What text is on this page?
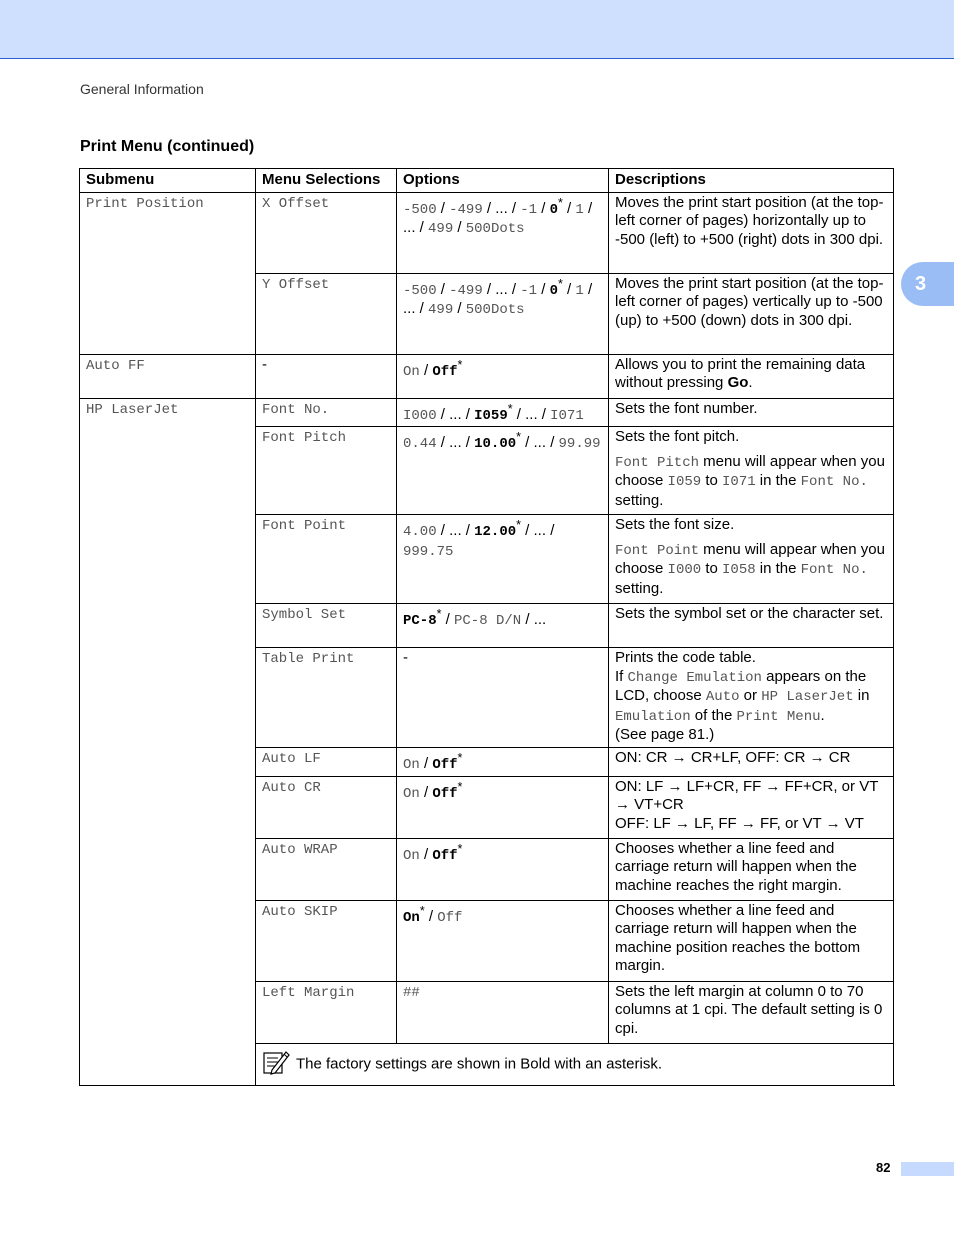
General Information
3
Print Menu (continued)
Submenu	Menu Selections	Options	Descriptions
Print Position	X Offset	-500 / -499 / ... / -1 / 0* / 1 / ... / 499 / 500Dots	Moves the print start position (at the top-left corner of pages) horizontally up to -500 (left) to +500 (right) dots in 300 dpi.
	Y Offset	-500 / -499 / ... / -1 / 0* / 1 / ... / 499 / 500Dots	Moves the print start position (at the top-left corner of pages) vertically up to -500 (up) to +500 (down) dots in 300 dpi.
Auto FF	-	On / Off*	Allows you to print the remaining data without pressing Go.
HP LaserJet	Font No.	I000 / ... / I059* / ... / I071	Sets the font number.
	Font Pitch	0.44 / ... / 10.00* / ... / 99.99	Sets the font pitch.
Font Pitch menu will appear when you choose I059 to I071 in the Font No. setting.
	Font Point	4.00 / ... / 12.00* / ... / 999.75	Sets the font size.
Font Point menu will appear when you choose I000 to I058 in the Font No. setting.
	Symbol Set	PC-8* / PC-8 D/N / ...	Sets the symbol set or the character set.
	Table Print	-	Prints the code table.
If Change Emulation appears on the LCD, choose Auto or HP LaserJet in Emulation of the Print Menu.
(See page 81.)
	Auto LF	On / Off*	ON: CR → CR+LF, OFF: CR → CR
	Auto CR	On / Off*	ON: LF → LF+CR, FF → FF+CR, or VT → VT+CR
OFF: LF → LF, FF → FF, or VT → VT
	Auto WRAP	On / Off*	Chooses whether a line feed and carriage return will happen when the machine reaches the right margin.
	Auto SKIP	On* / Off	Chooses whether a line feed and carriage return will happen when the machine position reaches the bottom margin.
	Left Margin	##	Sets the left margin at column 0 to 70 columns at 1 cpi. The default setting is 0 cpi.
	The factory settings are shown in Bold with an asterisk.		
82
